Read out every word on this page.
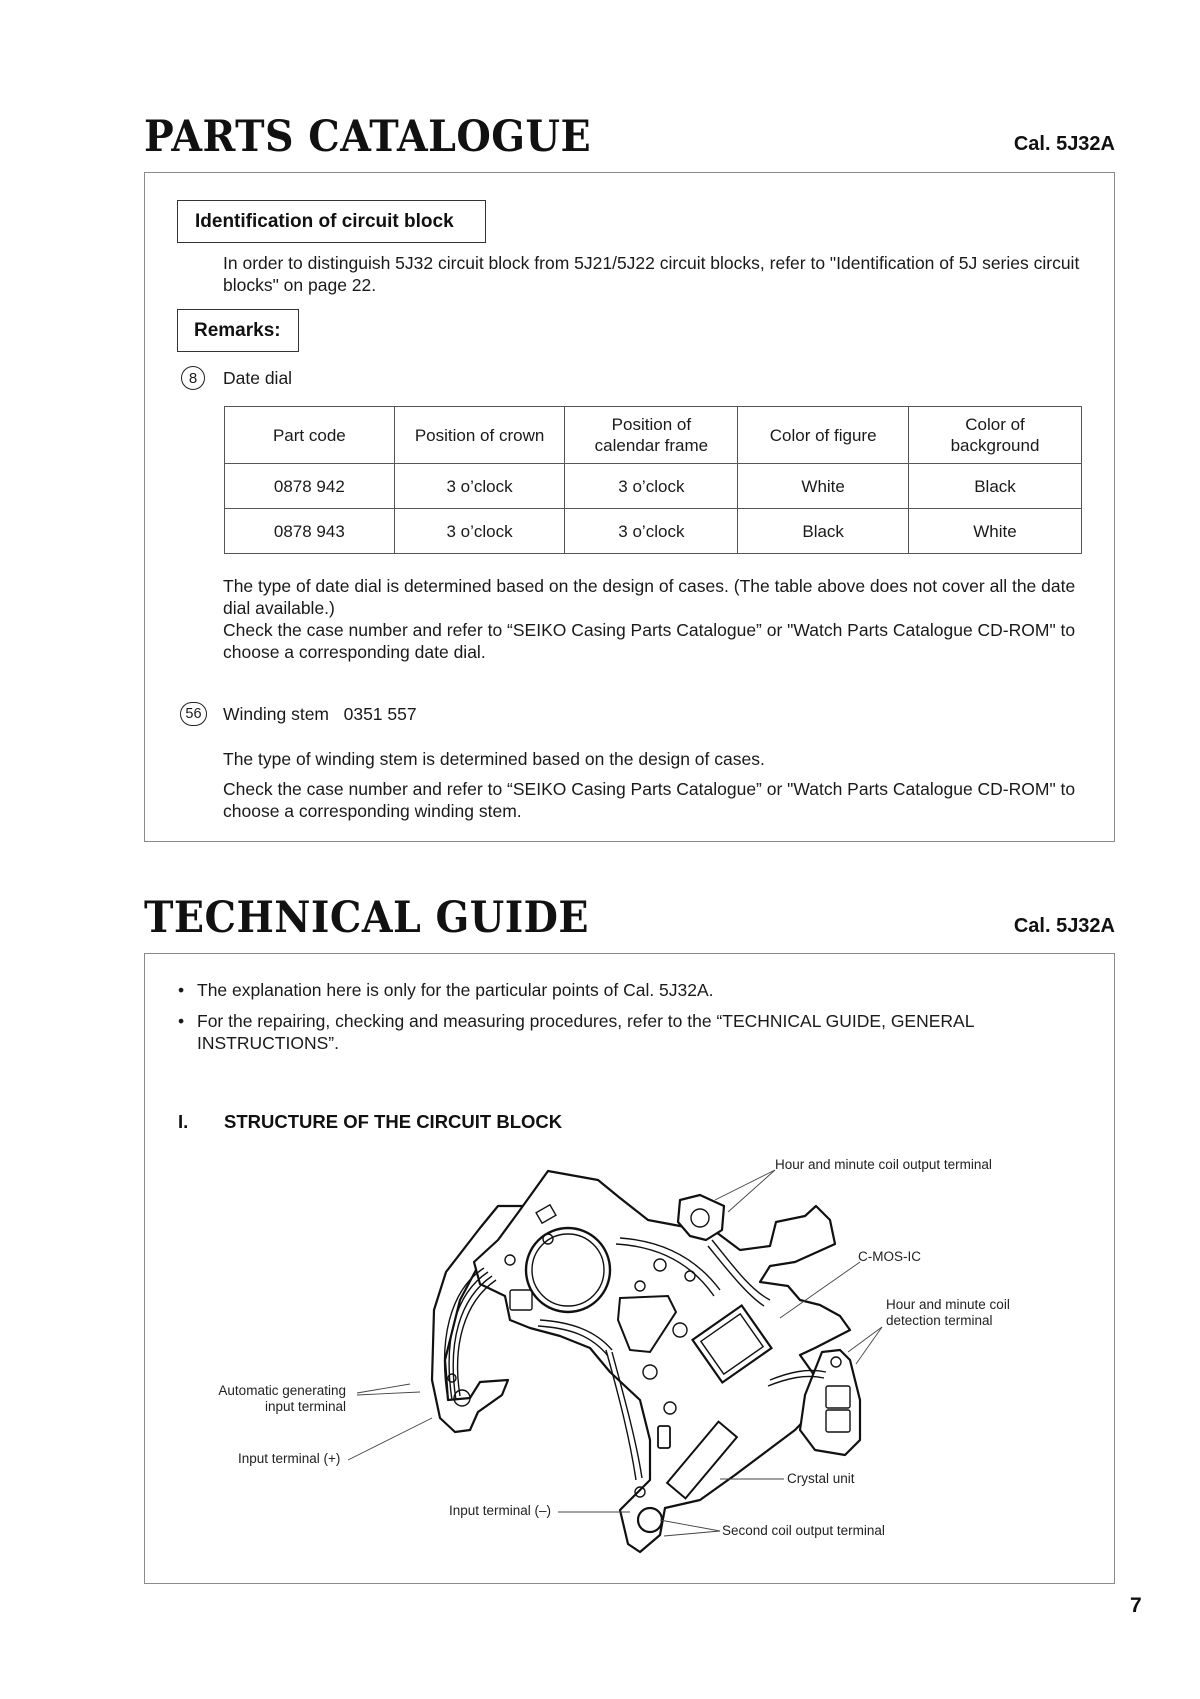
PARTS CATALOGUE	Cal. 5J32A
Identification of circuit block
In order to distinguish 5J32 circuit block from 5J21/5J22 circuit blocks, refer to "Identification of 5J series circuit blocks" on page 22.
Remarks:
8	Date dial
Part code	Position of crown	Position of calendar frame	Color of figure	Color of background
0878 942	3 o’clock	3 o’clock	White	Black
0878 943	3 o’clock	3 o’clock	Black	White
The type of date dial is determined based on the design of cases. (The table above does not cover all the date dial available.)
Check the case number and refer to “SEIKO Casing Parts Catalogue” or "Watch Parts Catalogue CD-ROM" to choose a corresponding date dial.
56	Winding stem 0351 557
The type of winding stem is determined based on the design of cases.
Check the case number and refer to “SEIKO Casing Parts Catalogue” or "Watch Parts Catalogue CD-ROM" to choose a corresponding winding stem.
TECHNICAL GUIDE	Cal. 5J32A
• The explanation here is only for the particular points of Cal. 5J32A.
• For the repairing, checking and measuring procedures, refer to the “TECHNICAL GUIDE, GENERAL INSTRUCTIONS”.
I. STRUCTURE OF THE CIRCUIT BLOCK
Hour and minute coil output terminal
C-MOS-IC
Hour and minute coil
detection terminal
Automatic generating
input terminal
Input terminal (+)
Input terminal (–)
Crystal unit
Second coil output terminal
7
